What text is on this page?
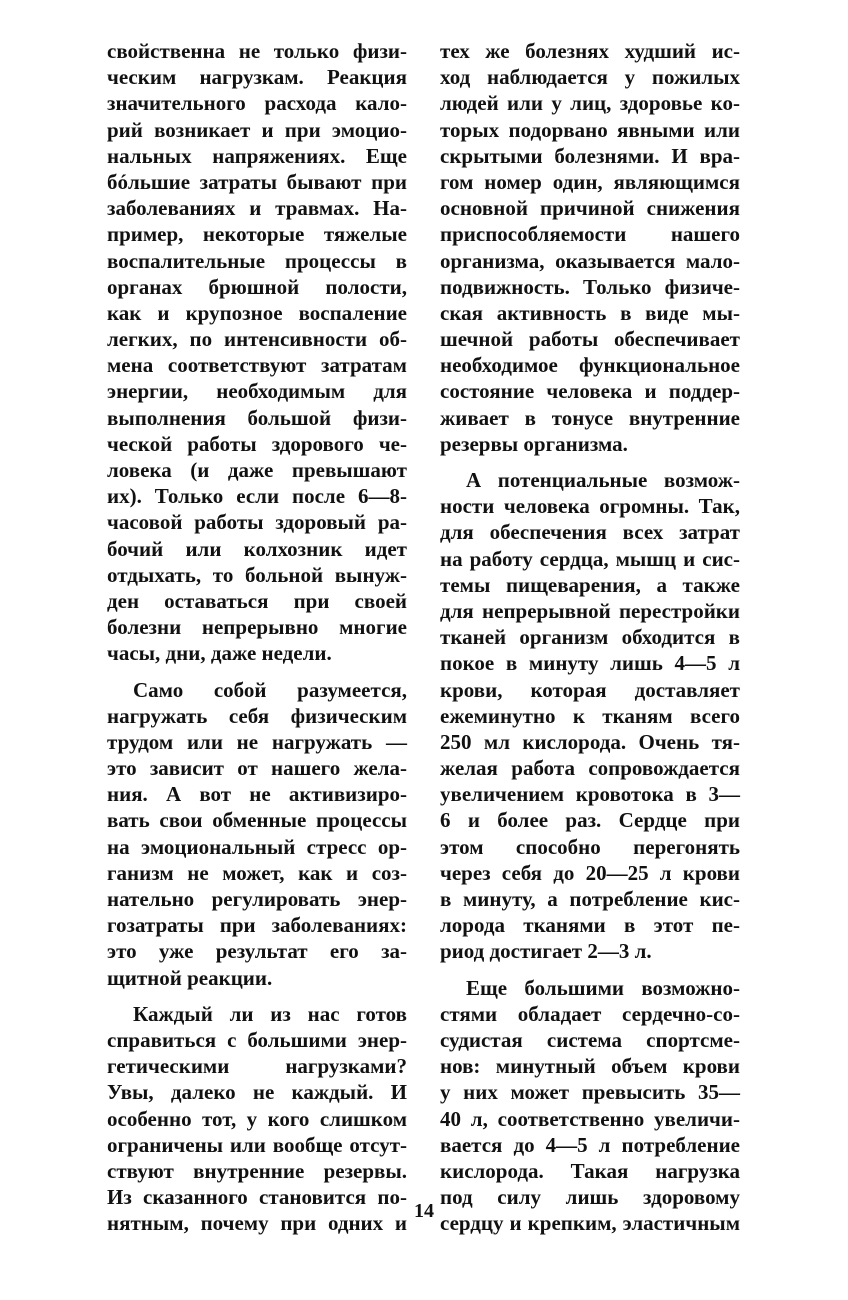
свойственна не только физи-
ческим нагрузкам. Реакция
значительного расхода кало-
рий возникает и при эмоцио-
нальных напряжениях. Еще
бóльшие затраты бывают при
заболеваниях и травмах. На-
пример, некоторые тяжелые
воспалительные процессы в
органах брюшной полости,
как и крупозное воспаление
легких, по интенсивности об-
мена соответствуют затратам
энергии, необходимым для
выполнения большой физи-
ческой работы здорового че-
ловека (и даже превышают
их). Только если после 6—8-
часовой работы здоровый ра-
бочий или колхозник идет
отдыхать, то больной вынуж-
ден оставаться при своей
болезни непрерывно многие
часы, дни, даже недели.
Само собой разумеется,
нагружать себя физическим
трудом или не нагружать —
это зависит от нашего жела-
ния. А вот не активизиро-
вать свои обменные процессы
на эмоциональный стресс ор-
ганизм не может, как и соз-
нательно регулировать энер-
гозатраты при заболеваниях:
это уже результат его за-
щитной реакции.
Каждый ли из нас готов
справиться с большими энер-
гетическими нагрузками?
Увы, далеко не каждый. И
особенно тот, у кого слишком
ограничены или вообще отсут-
ствуют внутренние резервы.
Из сказанного становится по-
нятным, почему при одних и
тех же болезнях худший ис-
ход наблюдается у пожилых
людей или у лиц, здоровье ко-
торых подорвано явными или
скрытыми болезнями. И вра-
гом номер один, являющимся
основной причиной снижения
приспособляемости нашего
организма, оказывается мало-
подвижность. Только физиче-
ская активность в виде мы-
шечной работы обеспечивает
необходимое функциональное
состояние человека и поддер-
живает в тонусе внутренние
резервы организма.
А потенциальные возмож-
ности человека огромны. Так,
для обеспечения всех затрат
на работу сердца, мышц и сис-
темы пищеварения, а также
для непрерывной перестройки
тканей организм обходится в
покое в минуту лишь 4—5 л
крови, которая доставляет
ежеминутно к тканям всего
250 мл кислорода. Очень тя-
желая работа сопровождается
увеличением кровотока в 3—
6 и более раз. Сердце при
этом способно перегонять
через себя до 20—25 л крови
в минуту, а потребление кис-
лорода тканями в этот пе-
риод достигает 2—3 л.
Еще большими возможно-
стями обладает сердечно-со-
судистая система спортсме-
нов: минутный объем крови
у них может превысить 35—
40 л, соответственно увеличи-
вается до 4—5 л потребление
кислорода. Такая нагрузка
под силу лишь здоровому
сердцу и крепким, эластичным
14
